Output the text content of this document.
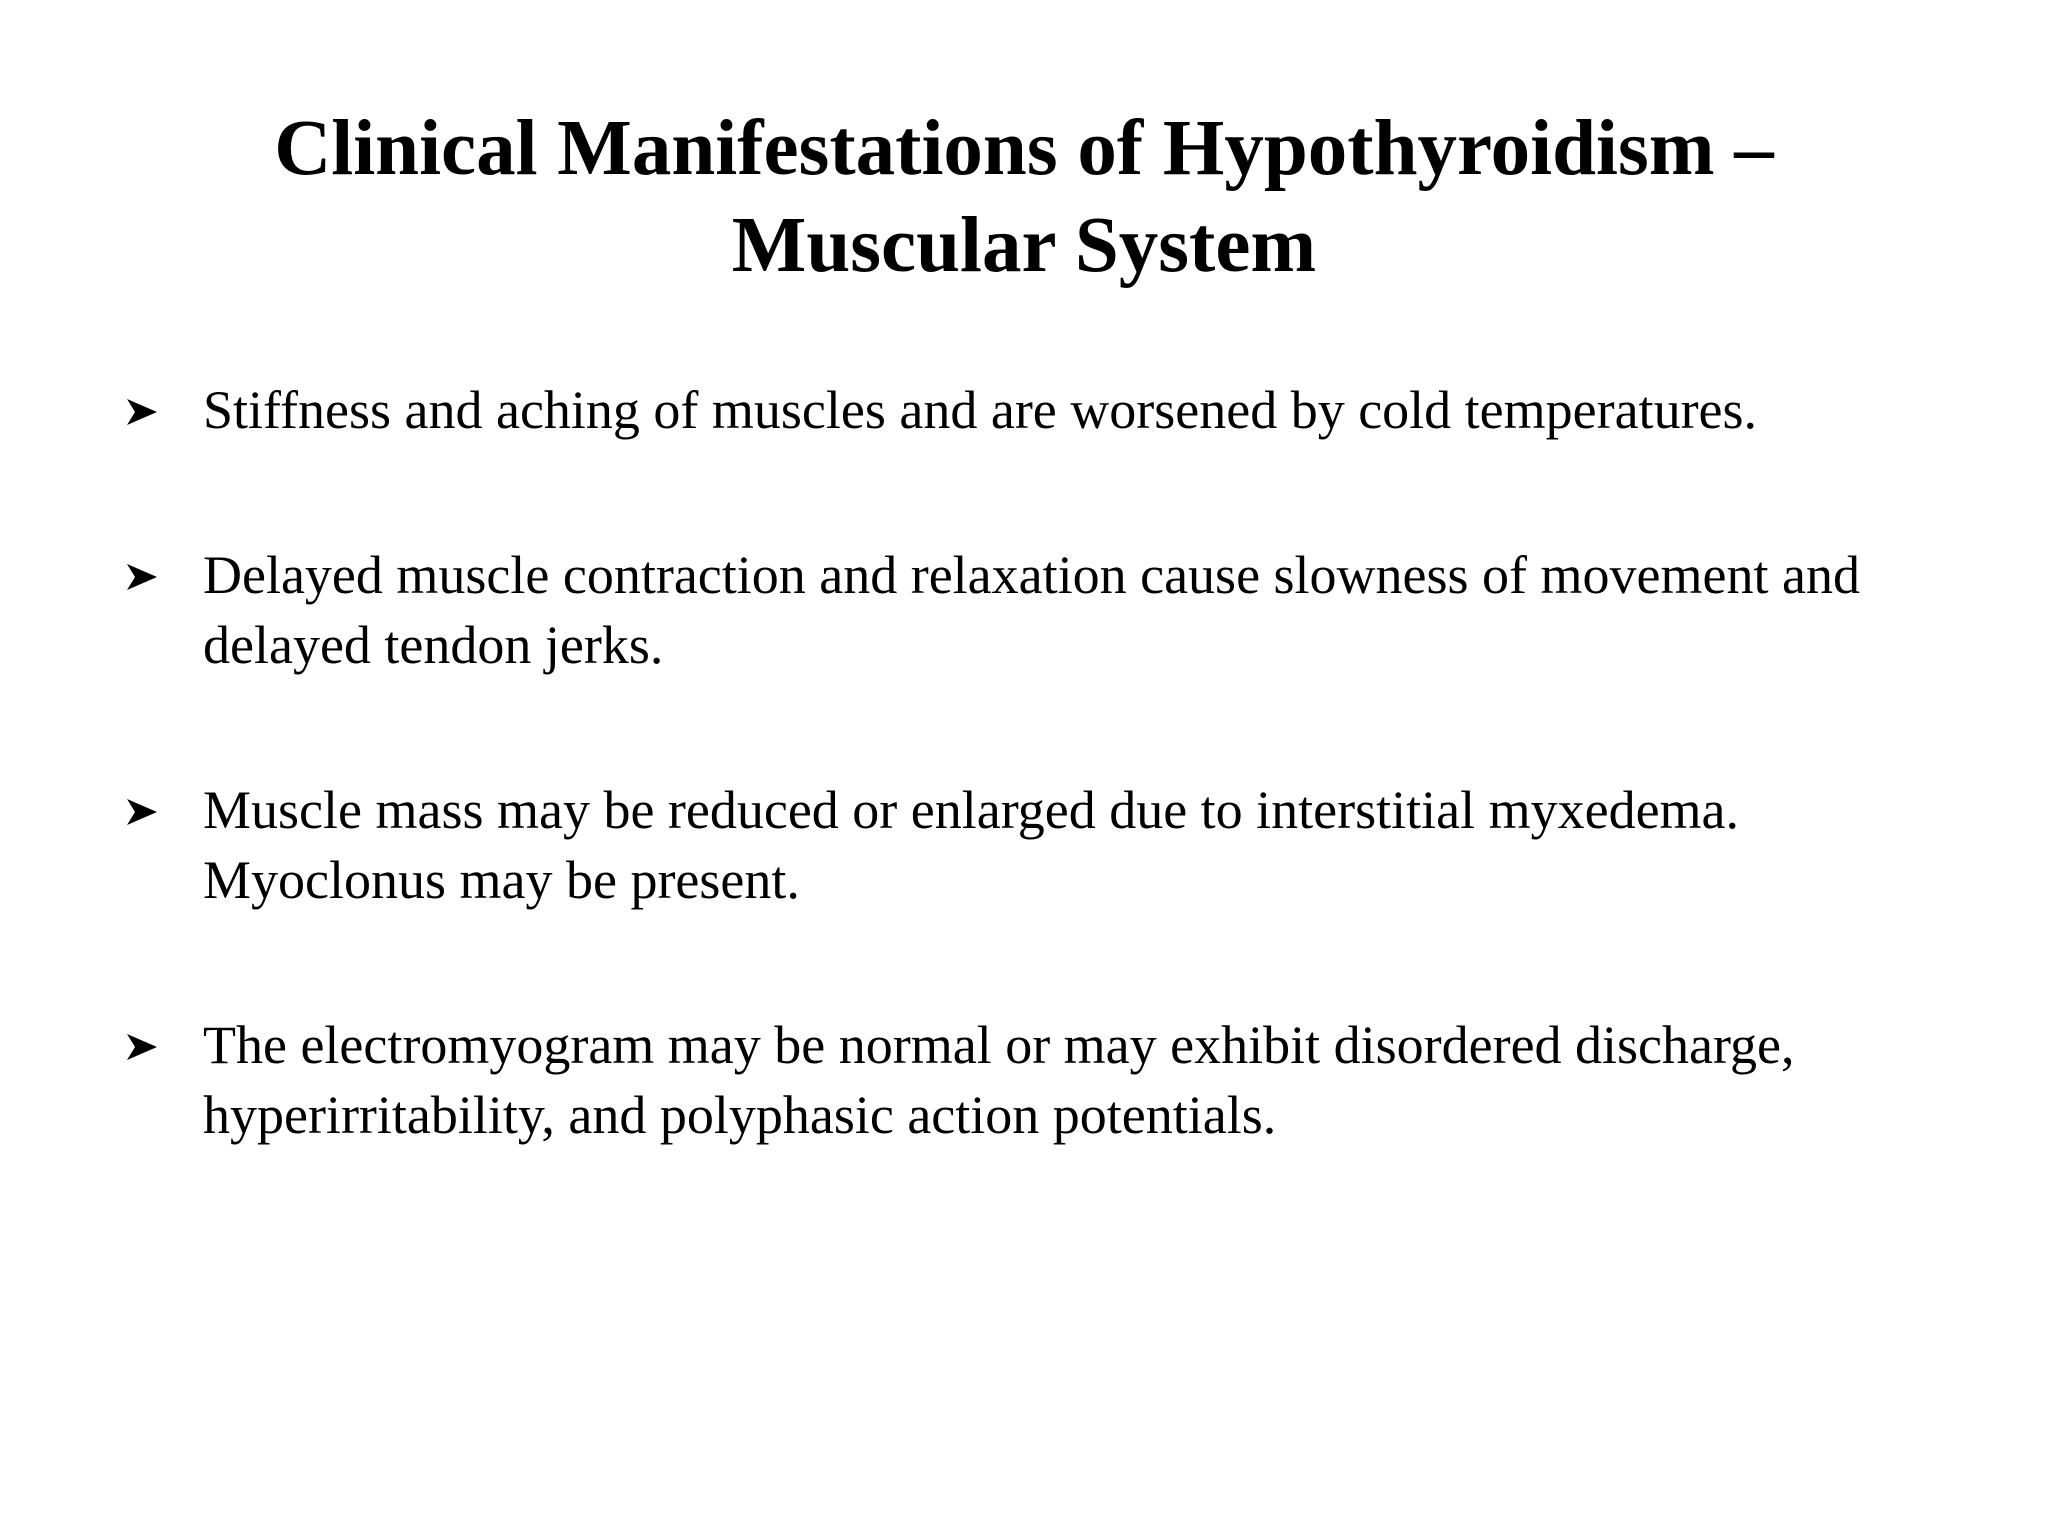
Clinical Manifestations of Hypothyroidism –
Muscular System
Stiffness and aching of muscles and are worsened by cold temperatures.
Delayed muscle contraction and relaxation cause slowness of movement and delayed tendon jerks.
Muscle mass may be reduced or enlarged due to interstitial myxedema. Myoclonus may be present.
The electromyogram may be normal or may exhibit disordered discharge, hyperirritability, and polyphasic action potentials.
